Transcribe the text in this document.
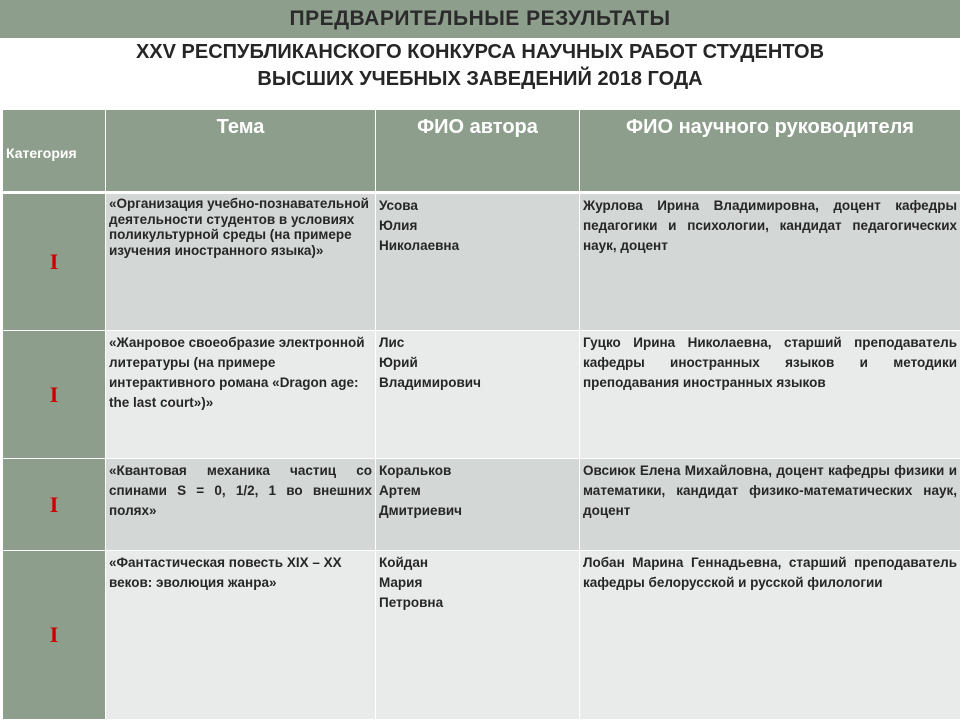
ПРЕДВАРИТЕЛЬНЫЕ РЕЗУЛЬТАТЫ
XXV РЕСПУБЛИКАНСКОГО КОНКУРСА НАУЧНЫХ РАБОТ СТУДЕНТОВ
ВЫСШИХ УЧЕБНЫХ ЗАВЕДЕНИЙ 2018 ГОДА
Категория	Тема	ФИО автора	ФИО научного руководителя
I	«Организация учебно-познавательной деятельности студентов в условиях поликультурной среды (на примере изучения иностранного языка)»	Усова
Юлия
Николаевна	Журлова Ирина Владимировна, доцент кафедры педагогики и психологии, кандидат педагогических наук, доцент
I	«Жанровое своеобразие электронной литературы (на примере интерактивного романа «Dragon age: the last court»)»	Лис
Юрий
Владимирович	Гуцко Ирина Николаевна, старший преподаватель кафедры иностранных языков и методики преподавания иностранных языков
I	«Квантовая механика частиц со спинами S = 0, 1/2, 1 во внешних полях»	Коральков
Артем
Дмитриевич	Овсиюк Елена Михайловна, доцент кафедры физики и математики, кандидат физико-математических наук, доцент
I	«Фантастическая повесть XIX – XX веков: эволюция жанра»	Койдан
Мария
Петровна	Лобан Марина Геннадьевна, старший преподаватель кафедры белорусской и русской филологии
